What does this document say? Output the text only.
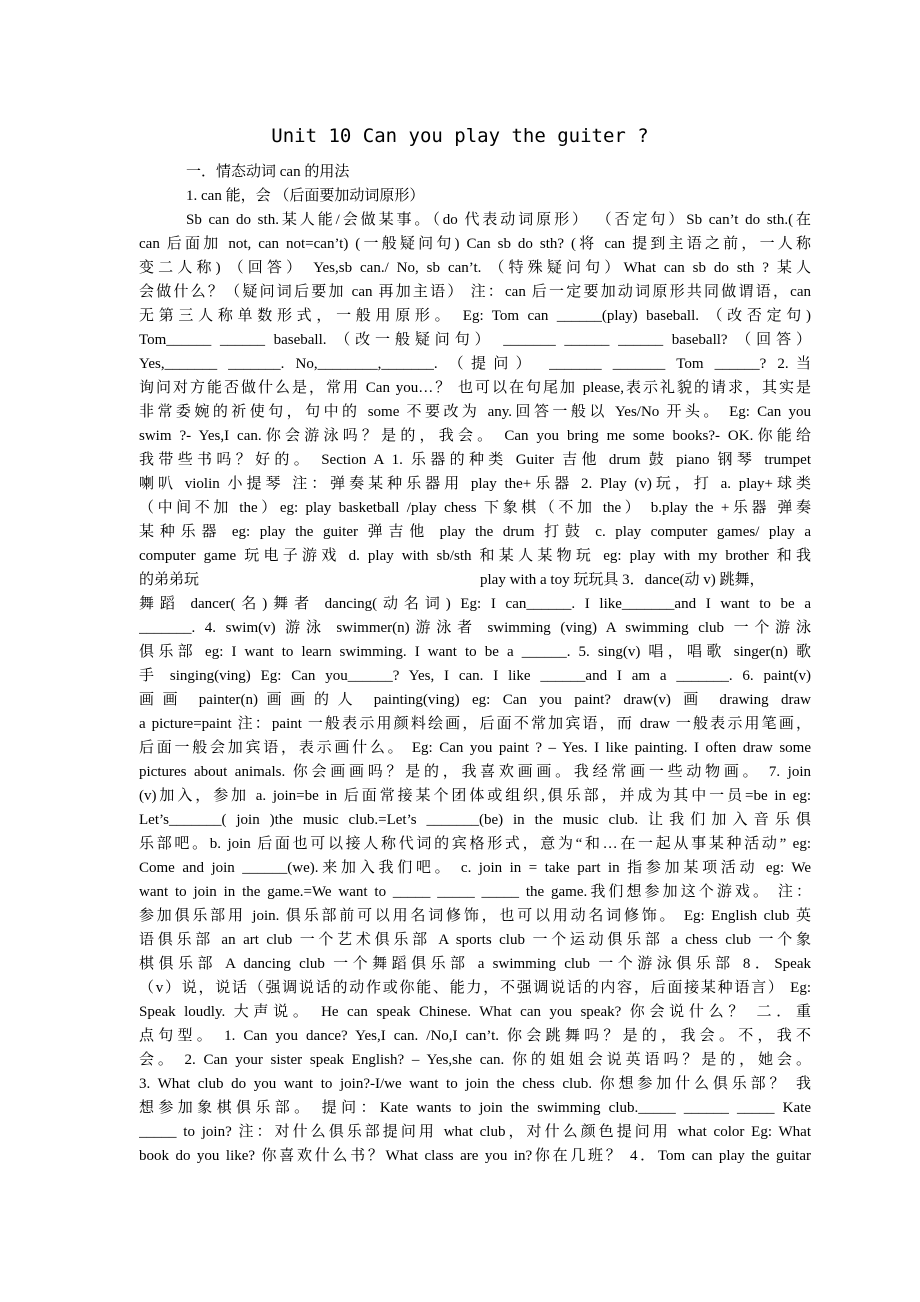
Unit 10 Can you play the guiter ?
一．情态动词 can 的用法
1. can 能，会 （后面要加动词原形）
Sb can do sth.某人能/会做某事。（do 代表动词原形） （否定句）Sb can’t do sth.(在
can 后面加 not, can not=can’t) (一般疑问句) Can sb do sth? (将 can 提到主语之前，一人称
变二人称) （回答） Yes,sb can./ No, sb can’t. （特殊疑问句）What can sb do sth ? 某人
会做什么？（疑问词后要加 can 再加主语） 注：can 后一定要加动词原形共同做谓语，can
无第三人称单数形式，一般用原形。 Eg: Tom can ______(play) baseball. （改否定句)
Tom______ ______ baseball. （改一般疑问句） _______ ______ ______ baseball? （回答）
Yes,_______ _______. No,________,_______. （提问） _______ _______ Tom ______? 2.当
询问对方能否做什么是，常用 Can you…？ 也可以在句尾加 please,表示礼貌的请求，其实是
非常委婉的祈使句，句中的 some 不要改为 any.回答一般以 Yes/No 开头。 Eg: Can you
swim ?- Yes,I can.你会游泳吗？是的，我会。 Can you bring me some books?- OK.你能给
我带些书吗？好的。 Section A 1. 乐器的种类 Guiter 吉他 drum 鼓 piano 钢琴 trumpet
喇叭 violin 小提琴 注：弹奏某种乐器用 play the+乐器 2. Play (v)玩，打 a. play+球类
（中间不加 the）eg: play basketball /play chess 下象棋（不加 the） b.play the +乐器 弹奏
某种乐器 eg: play the guiter 弹吉他 play the drum 打鼓 c. play computer games/ play a
computer game 玩电子游戏 d. play with sb/sth 和某人某物玩 eg: play with my brother 和我
的弟弟玩	play with a toy 玩玩具 3．dance(动 v) 跳舞，
舞蹈 dancer(名)舞者 dancing(动名词) Eg: I can______. I like_______and I want to be a
_______. 4. swim(v) 游泳 swimmer(n)游泳者 swimming (ving) A swimming club 一个游泳
俱乐部 eg: I want to learn swimming. I want to be a ______. 5. sing(v) 唱，唱歌 singer(n) 歌
手 singing(ving) Eg: Can you______? Yes, I can. I like ______and I am a _______. 6. paint(v)
画画 painter(n)画画的人 painting(ving) eg: Can you paint? draw(v) 画 drawing draw
a picture=paint 注：paint 一般表示用颜料绘画，后面不常加宾语，而 draw 一般表示用笔画，
后面一般会加宾语，表示画什么。 Eg: Can you paint ? – Yes. I like painting. I often draw some
pictures about animals. 你会画画吗？是的，我喜欢画画。我经常画一些动物画。 7. join
(v)加入，参加 a. join=be in 后面常接某个团体或组织,俱乐部，并成为其中一员=be in eg:
Let’s_______( join )the music club.=Let’s _______(be) in the music club. 让我们加入音乐俱
乐部吧。b. join 后面也可以接人称代词的宾格形式，意为“和…在一起从事某种活动” eg:
Come and join ______(we).来加入我们吧。 c. join in = take part in 指参加某项活动 eg: We
want to join in the game.=We want to _____ _____ _____ the game.我们想参加这个游戏。 注：
参加俱乐部用 join. 俱乐部前可以用名词修饰，也可以用动名词修饰。 Eg: English club 英
语俱乐部 an art club 一个艺术俱乐部 A sports club 一个运动俱乐部 a chess club 一个象
棋俱乐部 A dancing club 一个舞蹈俱乐部 a swimming club 一个游泳俱乐部 8．Speak
（v）说，说话（强调说话的动作或你能、能力，不强调说话的内容，后面接某种语言） Eg:
Speak loudly. 大声说。 He can speak Chinese. What can you speak? 你会说什么？ 二．重
点句型。 1. Can you dance? Yes,I can. /No,I can’t. 你会跳舞吗？是的，我会。不，我不
会。 2. Can your sister speak English? – Yes,she can. 你的姐姐会说英语吗？是的，她会。
3. What club do you want to join?-I/we want to join the chess club. 你想参加什么俱乐部？ 我
想参加象棋俱乐部。 提问：Kate wants to join the swimming club._____ ______ _____ Kate
_____ to join? 注：对什么俱乐部提问用 what club，对什么颜色提问用 what color Eg: What
book do you like? 你喜欢什么书？What class are you in?你在几班？ 4．Tom can play the guitar
